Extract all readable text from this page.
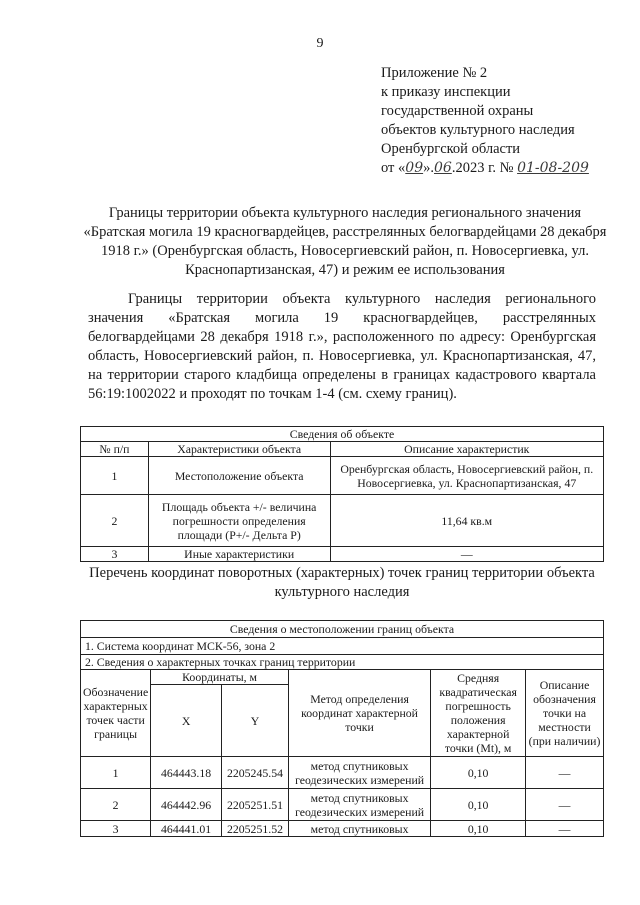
9
Приложение № 2
к приказу инспекции
государственной охраны
объектов культурного наследия
Оренбургской области
от «09».06.2023 г. № 01-08-209
Границы территории объекта культурного наследия регионального значения «Братская могила 19 красногвардейцев, расстрелянных белогвардейцами 28 декабря 1918 г.» (Оренбургская область, Новосергиевский район, п. Новосергиевка, ул. Краснопартизанская, 47) и режим ее использования
Границы территории объекта культурного наследия регионального значения «Братская могила 19 красногвардейцев, расстрелянных белогвардейцами 28 декабря 1918 г.», расположенного по адресу: Оренбургская область, Новосергиевский район, п. Новосергиевка, ул. Краснопартизанская, 47, на территории старого кладбища определены в границах кадастрового квартала 56:19:1002022 и проходят по точкам 1-4 (см. схему границ).
Сведения об объекте		
№ п/п	Характеристики объекта	Описание характеристик
1	Местоположение объекта	Оренбургская область, Новосергиевский район, п. Новосергиевка, ул. Краснопартизанская, 47
2	Площадь объекта +/- величина погрешности определения площади (Р+/- Дельта Р)	11,64 кв.м
3	Иные характеристики	—
Перечень координат поворотных (характерных) точек границ территории объекта культурного наследия
Сведения о местоположении границ объекта					
1. Система координат МСК-56, зона 2					
2. Сведения о характерных точках границ территории					
Обозначение характерных точек части границы	Координаты, м		Метод определения координат характерной точки	Средняя квадратическая погрешность положения характерной точки (Mt), м	Описание обозначения точки на местности (при наличии)
	X	Y			
1	464443.18	2205245.54	метод спутниковых геодезических измерений	0,10	—
2	464442.96	2205251.51	метод спутниковых геодезических измерений	0,10	—
3	464441.01	2205251.52	метод спутниковых	0,10	—
